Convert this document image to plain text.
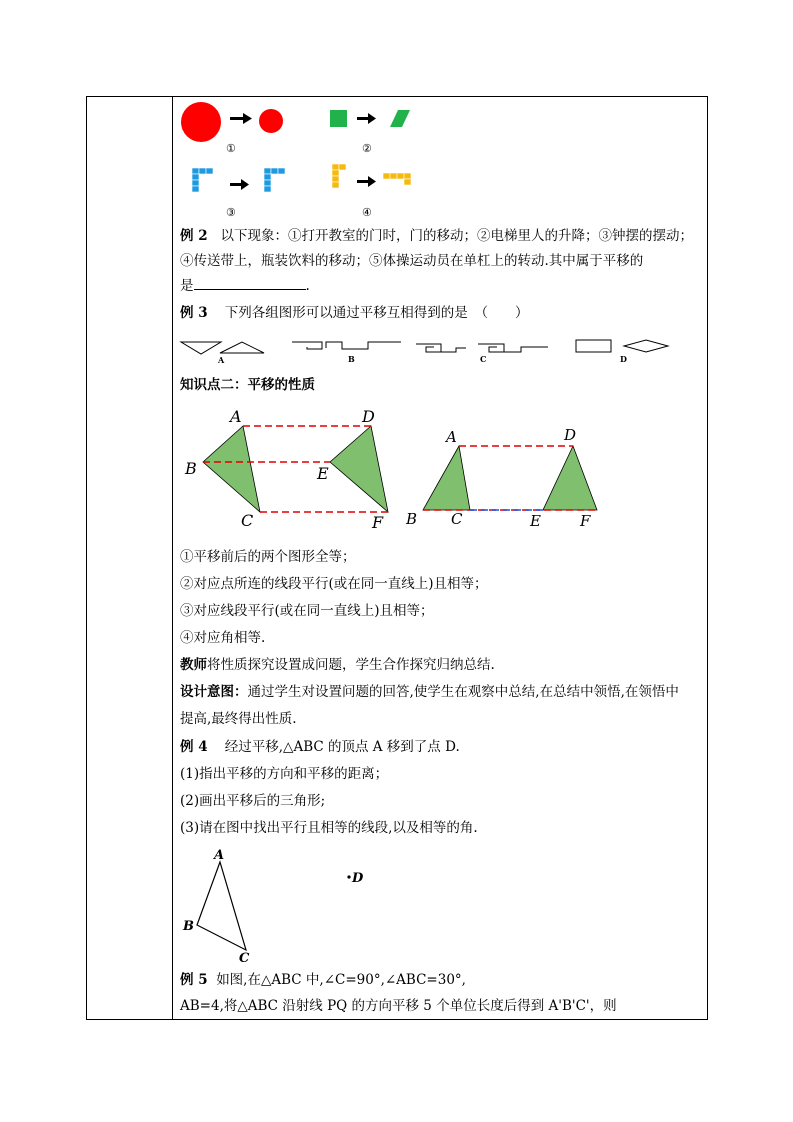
①	②
③	④
例 2 以下现象：①打开教室的门时，门的移动；②电梯里人的升降；③钟摆的摆动；
④传送带上，瓶装饮料的移动；⑤体操运动员在单杠上的转动.其中属于平移的
是	.
例 3 下列各组图形可以通过平移互相得到的是　（　　）
A	B	C	D
知识点二：平移的性质
A
B
C
D
E
F
A
B C
D
E	F
①平移前后的两个图形全等；
②对应点所连的线段平行(或在同一直线上)且相等；
③对应线段平行(或在同一直线上)且相等；
④对应角相等.
教师将性质探究设置成问题，学生合作探究归纳总结.
设计意图：通过学生对设置问题的回答,使学生在观察中总结,在总结中领悟,在领悟中
提高,最终得出性质.
例 4 经过平移,△ABC 的顶点 A 移到了点 D.
(1)指出平移的方向和平移的距离；
(2)画出平移后的三角形;
(3)请在图中找出平行且相等的线段,以及相等的角.
A
B
C
D
例 5 如图,在△ABC 中,∠C=90°,∠ABC=30°,
AB=4,将△ABC 沿射线 PQ 的方向平移 5 个单位长度后得到 A'B'C'，则
